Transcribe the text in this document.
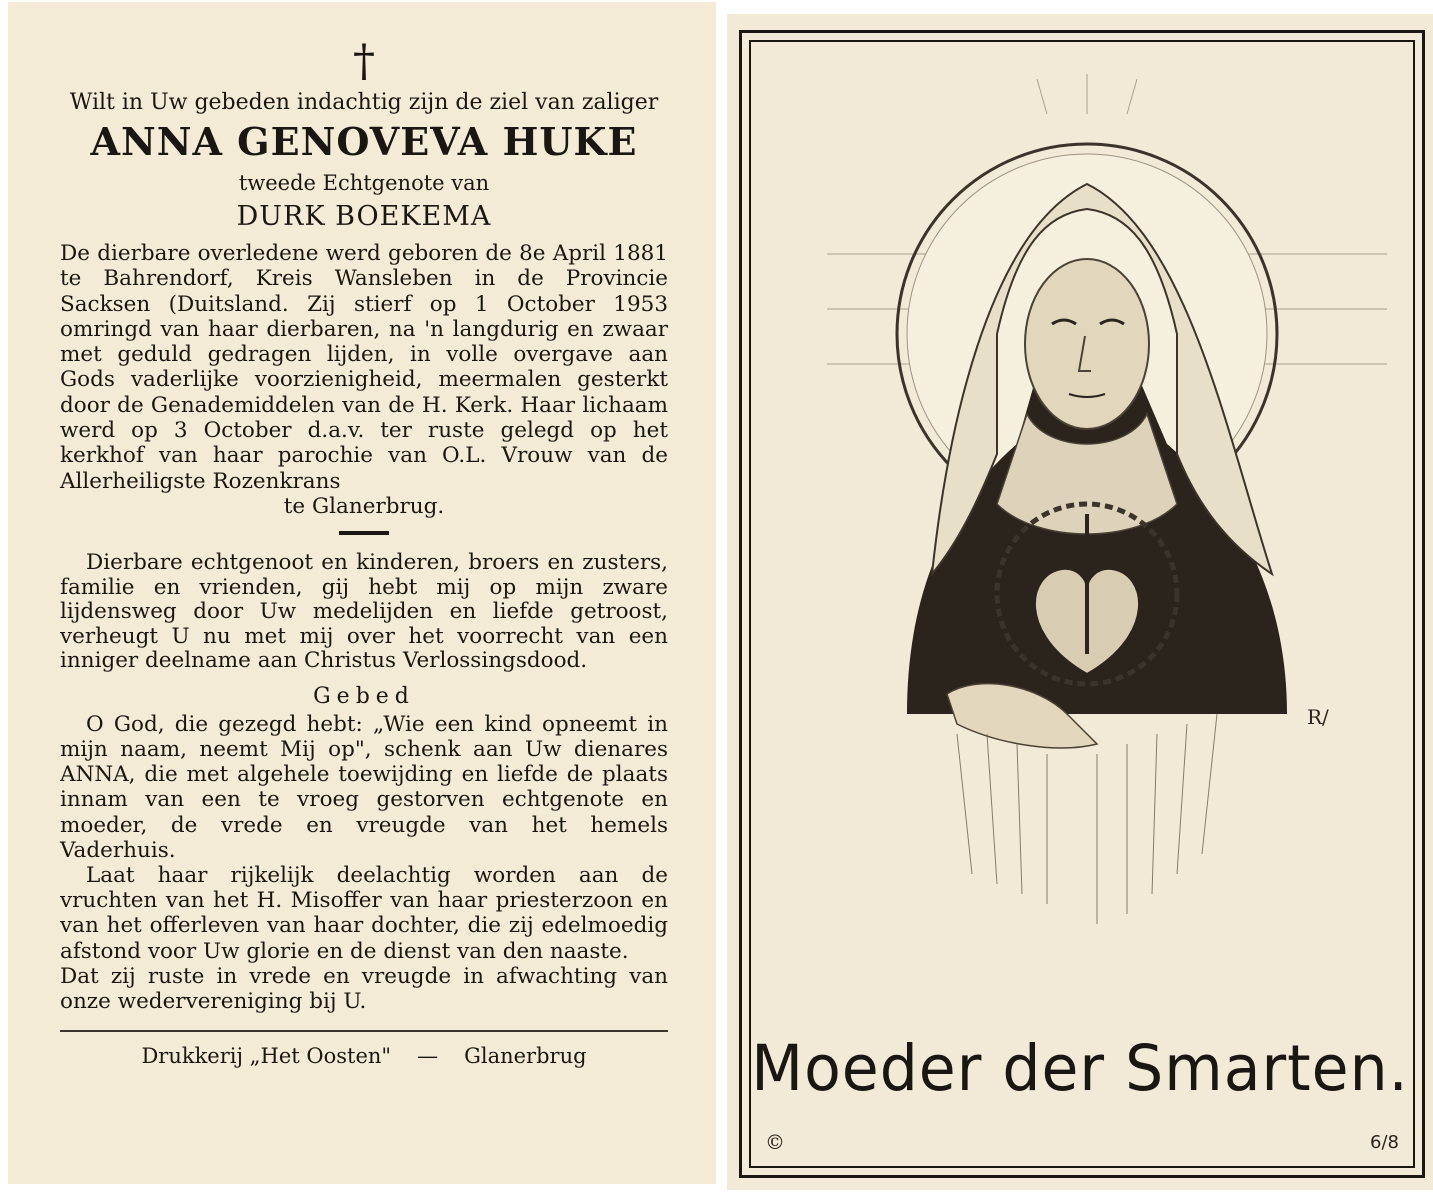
†
Wilt in Uw gebeden indachtig zijn de ziel van zaliger
ANNA GENOVEVA HUKE
tweede Echtgenote van
DURK BOEKEMA
De dierbare overledene werd geboren de 8e April 1881 te Bahrendorf, Kreis Wansleben in de Provincie Sacksen (Duitsland. Zij stierf op 1 October 1953 omringd van haar dierbaren, na 'n langdurig en zwaar met geduld gedragen lijden, in volle overgave aan Gods vaderlijke voorzienigheid, meermalen gesterkt door de Genademiddelen van de H. Kerk. Haar lichaam werd op 3 October d.a.v. ter ruste gelegd op het kerkhof van haar parochie van O.L. Vrouw van de Allerheiligste Rozenkrans
te Glanerbrug.
Dierbare echtgenoot en kinderen, broers en zusters, familie en vrienden, gij hebt mij op mijn zware lijdensweg door Uw medelijden en liefde getroost, verheugt U nu met mij over het voorrecht van een inniger deelname aan Christus Verlossingsdood.
Gebed

O God, die gezegd hebt: „Wie een kind opneemt in mijn naam, neemt Mij op", schenk aan Uw dienares ANNA, die met algehele toewijding en liefde de plaats innam van een te vroeg gestorven echtgenote en moeder, de vrede en vreugde van het hemels Vaderhuis.

Laat haar rijkelijk deelachtig worden aan de vruchten van het H. Misoffer van haar priesterzoon en van het offerleven van haar dochter, die zij edelmoedig afstond voor Uw glorie en de dienst van den naaste.

Dat zij ruste in vrede en vreugde in afwachting van onze wedervereniging bij U.

Drukkerij „Het Oosten" — Glanerbrug
R/
Moeder der Smarten.
©	6/8
